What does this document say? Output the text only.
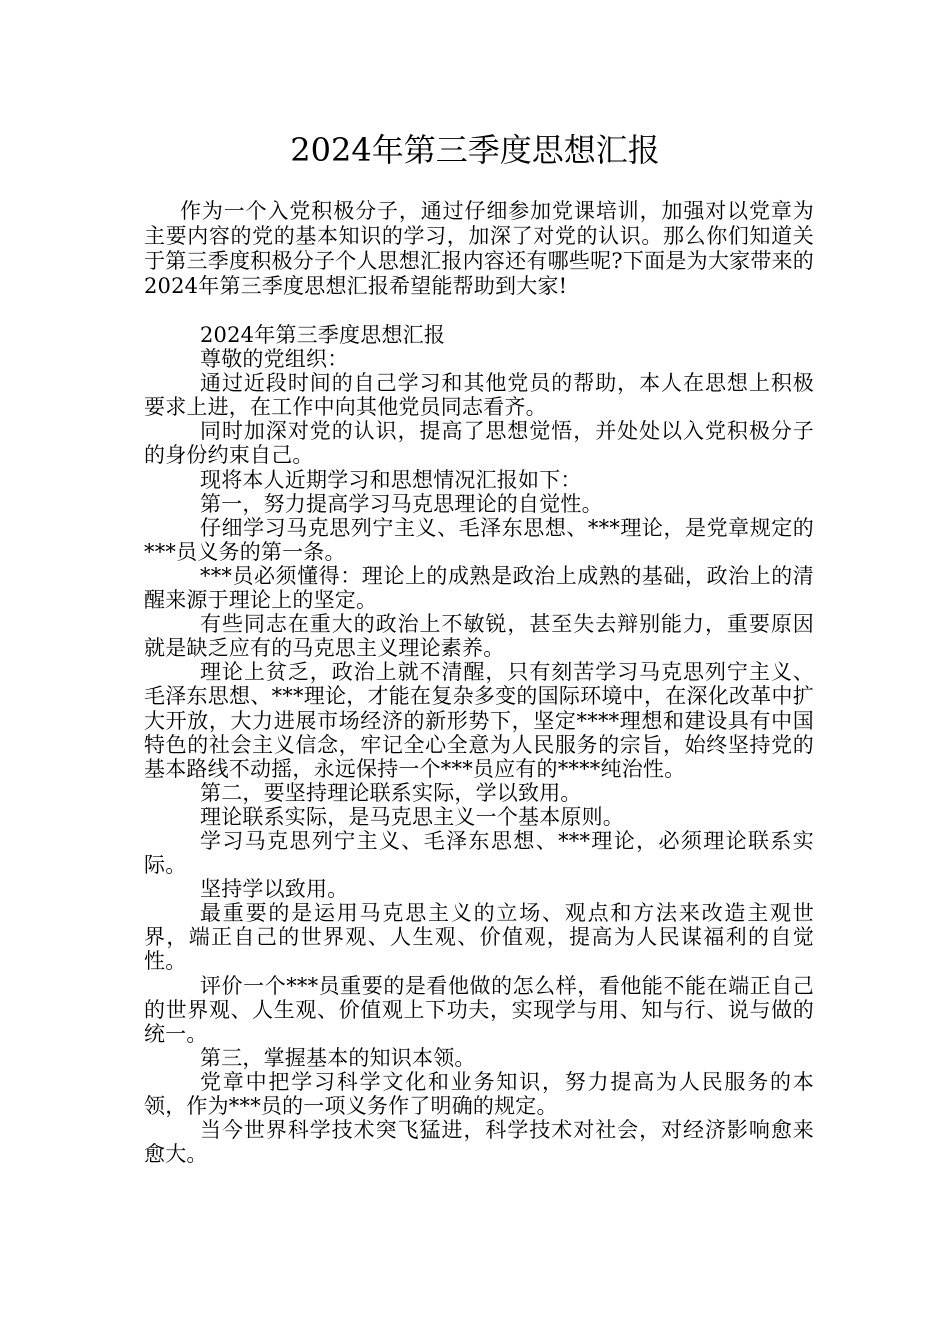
2024年第三季度思想汇报

作为一个入党积极分子，通过仔细参加党课培训，加强对以党章为主要内容的党的基本知识的学习，加深了对党的认识。那么你们知道关于第三季度积极分子个人思想汇报内容还有哪些呢?下面是为大家带来的2024年第三季度思想汇报希望能帮助到大家!

2024年第三季度思想汇报

尊敬的党组织：

通过近段时间的自己学习和其他党员的帮助，本人在思想上积极要求上进，在工作中向其他党员同志看齐。

同时加深对党的认识，提高了思想觉悟，并处处以入党积极分子的身份约束自己。

现将本人近期学习和思想情况汇报如下：

第一，努力提高学习马克思理论的自觉性。

仔细学习马克思列宁主义、毛泽东思想、***理论，是党章规定的***员义务的第一条。

***员必须懂得：理论上的成熟是政治上成熟的基础，政治上的清醒来源于理论上的坚定。

有些同志在重大的政治上不敏锐，甚至失去辩别能力，重要原因就是缺乏应有的马克思主义理论素养。

理论上贫乏，政治上就不清醒，只有刻苦学习马克思列宁主义、毛泽东思想、***理论，才能在复杂多变的国际环境中，在深化改革中扩大开放，大力进展市场经济的新形势下，坚定****理想和建设具有中国特色的社会主义信念，牢记全心全意为人民服务的宗旨，始终坚持党的基本路线不动摇，永远保持一个***员应有的****纯治性。

第二，要坚持理论联系实际，学以致用。

理论联系实际，是马克思主义一个基本原则。

学习马克思列宁主义、毛泽东思想、***理论，必须理论联系实际。

坚持学以致用。

最重要的是运用马克思主义的立场、观点和方法来改造主观世界，端正自己的世界观、人生观、价值观，提高为人民谋福利的自觉性。

评价一个***员重要的是看他做的怎么样，看他能不能在端正自己的世界观、人生观、价值观上下功夫，实现学与用、知与行、说与做的统一。

第三，掌握基本的知识本领。

党章中把学习科学文化和业务知识，努力提高为人民服务的本领，作为***员的一项义务作了明确的规定。

当今世界科学技术突飞猛进，科学技术对社会，对经济影响愈来愈大。
